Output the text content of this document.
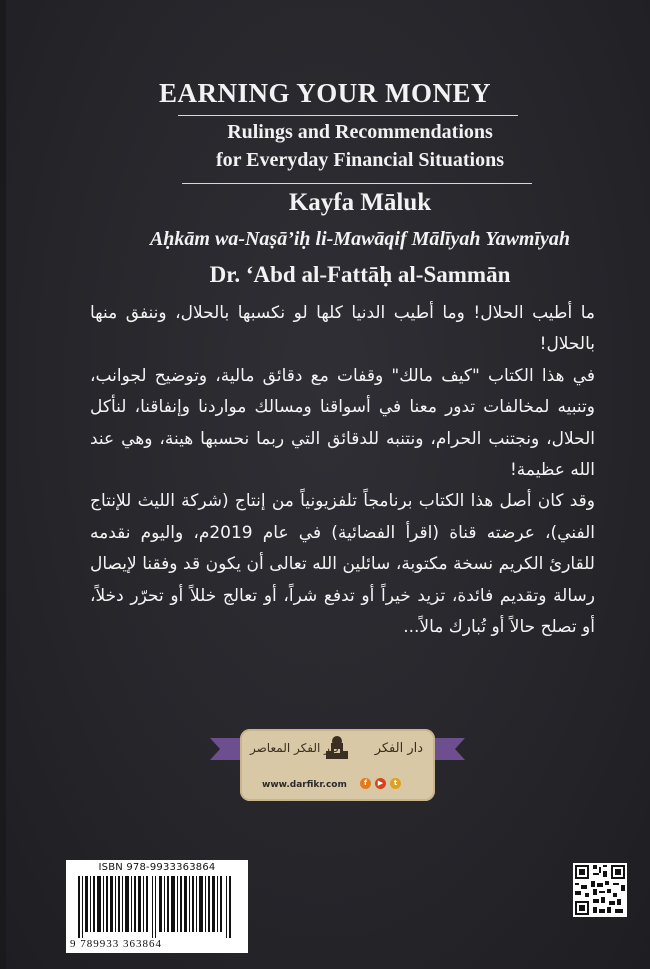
EARNING YOUR MONEY
Rulings and Recommendations
for Everyday Financial Situations
Kayfa Māluk
Aḥkām wa-Naṣā’iḥ li-Mawāqif Mālīyah Yawmīyah
Dr. ‘Abd al-Fattāḥ al-Sammān

ما أطيب الحلال! وما أطيب الدنيا كلها لو نكسبها بالحلال، وننفق منها بالحلال!

في هذا الكتاب "كيف مالك" وقفات مع دقائق مالية، وتوضيح لجوانب، وتنبيه لمخالفات تدور معنا في أسواقنا ومسالك مواردنا وإنفاقنا، لنأكل الحلال، ونجتنب الحرام، ونتنبه للدقائق التي ربما نحسبها هينة، وهي عند الله عظيمة!

وقد كان أصل هذا الكتاب برنامجاً تلفزيونياً من إنتاج (شركة الليث للإنتاج الفني)، عرضته قناة (اقرأ الفضائية) في عام 2019م، واليوم نقدمه للقارئ الكريم نسخة مكتوبة، سائلين الله تعالى أن يكون قد وفقنا لإيصال رسالة وتقديم فائدة، تزيد خيراً أو تدفع شراً، أو تعالج خللاً أو تحرّر دخلاً، أو تصلح حالاً أو تُبارك مالاً...

دار الفكر
دار الفكر المعاصر
www.darfikr.com	f	▶	t
ISBN 978-9933363864
9 789933 363864
